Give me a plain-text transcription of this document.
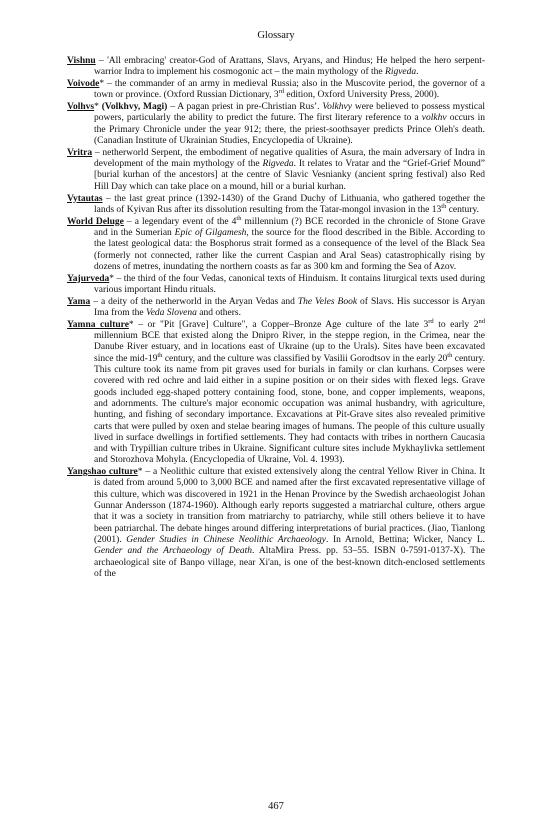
Glossary

Vishnu – 'All embracing' creator-God of Arattans, Slavs, Aryans, and Hindus; He helped the hero serpent-warrior Indra to implement his cosmogonic act – the main mythology of the Rigveda.

Voivode* – the commander of an army in medieval Russia; also in the Muscovite period, the governor of a town or province. (Oxford Russian Dictionary, 3rd edition, Oxford University Press, 2000).

Volhvs* (Volkhvy, Magi) – A pagan priest in pre-Christian Rus’. Volkhvy were believed to possess mystical powers, particularly the ability to predict the future. The first literary reference to a volkhv occurs in the Primary Chronicle under the year 912; there, the priest-soothsayer predicts Prince Oleh's death. (Canadian Institute of Ukrainian Studies, Encyclopedia of Ukraine).

Vritra – netherworld Serpent, the embodiment of negative qualities of Asura, the main adversary of Indra in development of the main mythology of the Rigveda. It relates to Vratar and the “Grief-Grief Mound” [burial kurhan of the ancestors] at the centre of Slavic Vesnianky (ancient spring festival) also Red Hill Day which can take place on a mound, hill or a burial kurhan.

Vytautas – the last great prince (1392-1430) of the Grand Duchy of Lithuania, who gathered together the lands of Kyivan Rus after its dissolution resulting from the Tatar-mongol invasion in the 13th century.

World Deluge – a legendary event of the 4th millennium (?) BCE recorded in the chronicle of Stone Grave and in the Sumerian Epic of Gilgamesh, the source for the flood described in the Bible. According to the latest geological data: the Bosphorus strait formed as a consequence of the level of the Black Sea (formerly not connected, rather like the current Caspian and Aral Seas) catastrophically rising by dozens of metres, inundating the northern coasts as far as 300 km and forming the Sea of Azov.

Yajurveda* – the third of the four Vedas, canonical texts of Hinduism. It contains liturgical texts used during various important Hindu rituals.

Yama – a deity of the netherworld in the Aryan Vedas and The Veles Book of Slavs. His successor is Aryan Ima from the Veda Slovena and others.

Yamna culture* – or "Pit [Grave] Culture", a Copper–Bronze Age culture of the late 3rd to early 2nd millennium BCE that existed along the Dnipro River, in the steppe region, in the Crimea, near the Danube River estuary, and in locations east of Ukraine (up to the Urals). Sites have been excavated since the mid-19th century, and the culture was classified by Vasilii Gorodtsov in the early 20th century. This culture took its name from pit graves used for burials in family or clan kurhans. Corpses were covered with red ochre and laid either in a supine position or on their sides with flexed legs. Grave goods included egg-shaped pottery containing food, stone, bone, and copper implements, weapons, and adornments. The culture's major economic occupation was animal husbandry, with agriculture, hunting, and fishing of secondary importance. Excavations at Pit-Grave sites also revealed primitive carts that were pulled by oxen and stelae bearing images of humans. The people of this culture usually lived in surface dwellings in fortified settlements. They had contacts with tribes in northern Caucasia and with Trypillian culture tribes in Ukraine. Significant culture sites include Mykhaylivka settlement and Storozhova Mohyla. (Encyclopedia of Ukraine, Vol. 4. 1993).

Yangshao culture* – a Neolithic culture that existed extensively along the central Yellow River in China. It is dated from around 5,000 to 3,000 BCE and named after the first excavated representative village of this culture, which was discovered in 1921 in the Henan Province by the Swedish archaeologist Johan Gunnar Andersson (1874-1960). Although early reports suggested a matriarchal culture, others argue that it was a society in transition from matriarchy to patriarchy, while still others believe it to have been patriarchal. The debate hinges around differing interpretations of burial practices. (Jiao, Tianlong (2001). Gender Studies in Chinese Neolithic Archaeology. In Arnold, Bettina; Wicker, Nancy L. Gender and the Archaeology of Death. AltaMira Press. pp. 53–55. ISBN 0-7591-0137-X). The archaeological site of Banpo village, near Xi'an, is one of the best-known ditch-enclosed settlements of the

467
